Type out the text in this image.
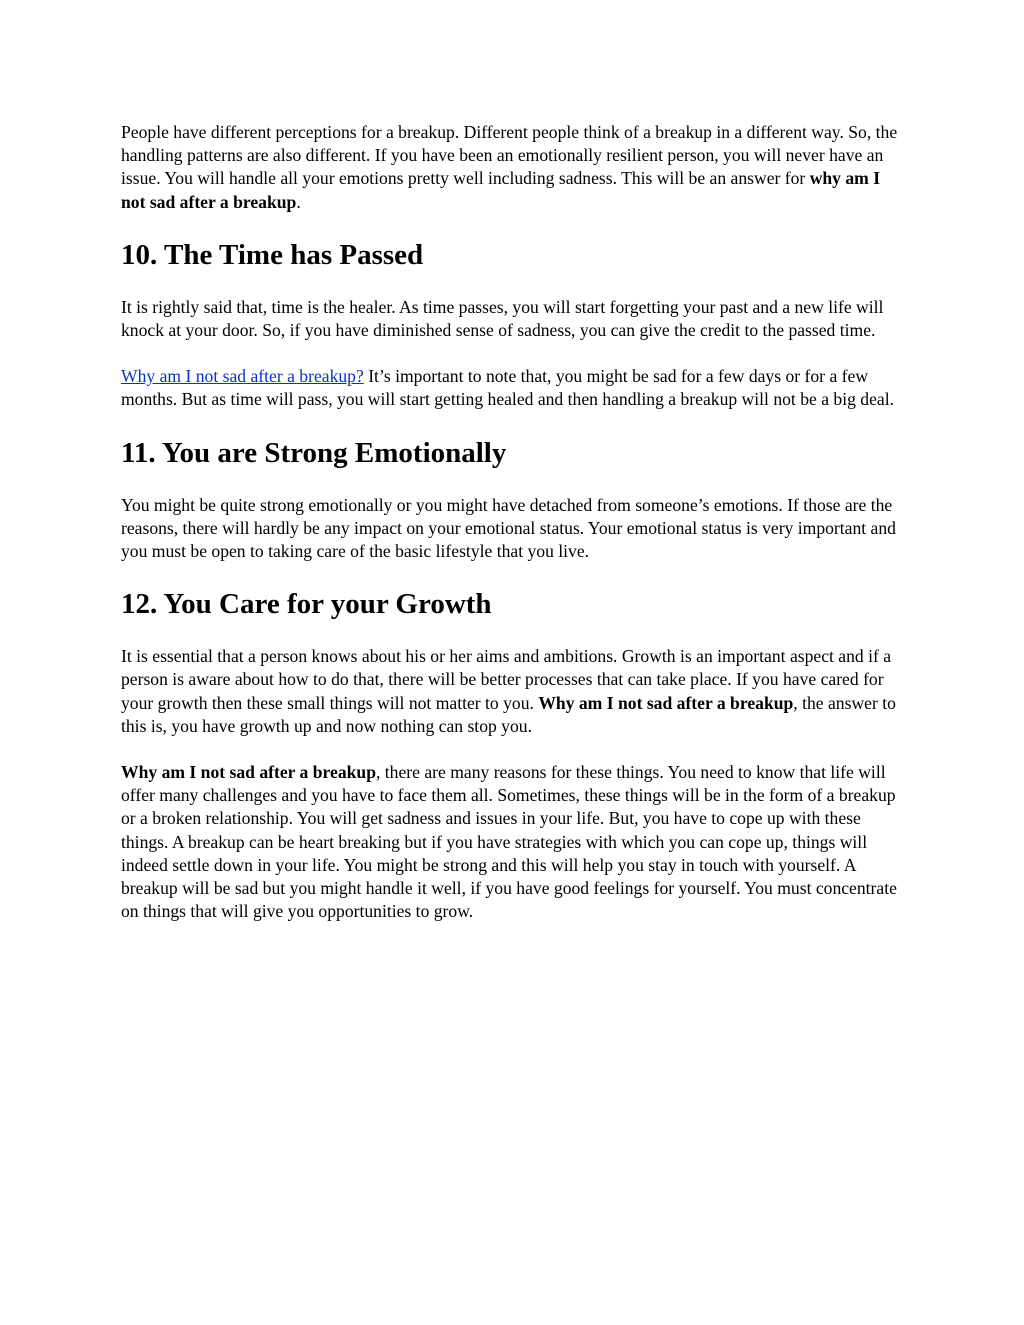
People have different perceptions for a breakup. Different people think of a breakup in a different way. So, the handling patterns are also different. If you have been an emotionally resilient person, you will never have an issue. You will handle all your emotions pretty well including sadness. This will be an answer for why am I not sad after a breakup.

10. The Time has Passed

It is rightly said that, time is the healer. As time passes, you will start forgetting your past and a new life will knock at your door. So, if you have diminished sense of sadness, you can give the credit to the passed time.

Why am I not sad after a breakup? It’s important to note that, you might be sad for a few days or for a few months. But as time will pass, you will start getting healed and then handling a breakup will not be a big deal.

11. You are Strong Emotionally

You might be quite strong emotionally or you might have detached from someone’s emotions. If those are the reasons, there will hardly be any impact on your emotional status. Your emotional status is very important and you must be open to taking care of the basic lifestyle that you live.

12. You Care for your Growth

It is essential that a person knows about his or her aims and ambitions. Growth is an important aspect and if a person is aware about how to do that, there will be better processes that can take place. If you have cared for your growth then these small things will not matter to you. Why am I not sad after a breakup, the answer to this is, you have growth up and now nothing can stop you.

Why am I not sad after a breakup, there are many reasons for these things. You need to know that life will offer many challenges and you have to face them all. Sometimes, these things will be in the form of a breakup or a broken relationship. You will get sadness and issues in your life. But, you have to cope up with these things. A breakup can be heart breaking but if you have strategies with which you can cope up, things will indeed settle down in your life. You might be strong and this will help you stay in touch with yourself. A breakup will be sad but you might handle it well, if you have good feelings for yourself. You must concentrate on things that will give you opportunities to grow.
